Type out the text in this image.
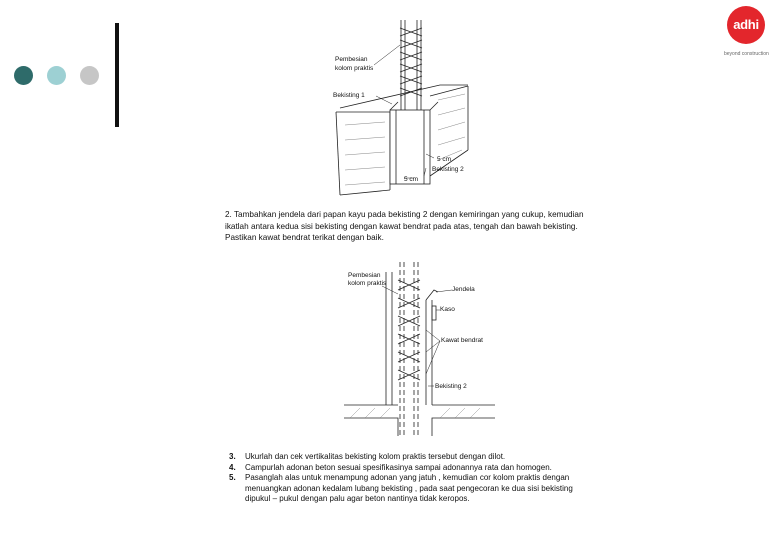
adhi
beyond construction
Pembesian
kolom praktis
Bekisting 1
5 cm
Bekisting 2
5 cm
Pembesian
kolom praktis
Jendela
Kaso
Kawat bendrat
Bekisting 2
2. Tambahkan jendela dari papan kayu pada bekisting 2 dengan kemiringan yang cukup, kemudian ikatlah antara kedua sisi bekisting dengan kawat bendrat pada atas, tengah dan bawah bekisting. Pastikan kawat bendrat terikat dengan baik.
3. Ukurlah dan cek vertikalitas bekisting kolom praktis tersebut dengan dilot.
4. Campurlah adonan beton sesuai spesifikasinya sampai adonannya rata dan homogen.
5. Pasanglah alas untuk menampung adonan yang jatuh , kemudian cor kolom praktis dengan menuangkan adonan kedalam lubang bekisting , pada saat pengecoran ke dua sisi bekisting dipukul – pukul dengan palu agar beton nantinya tidak keropos.
